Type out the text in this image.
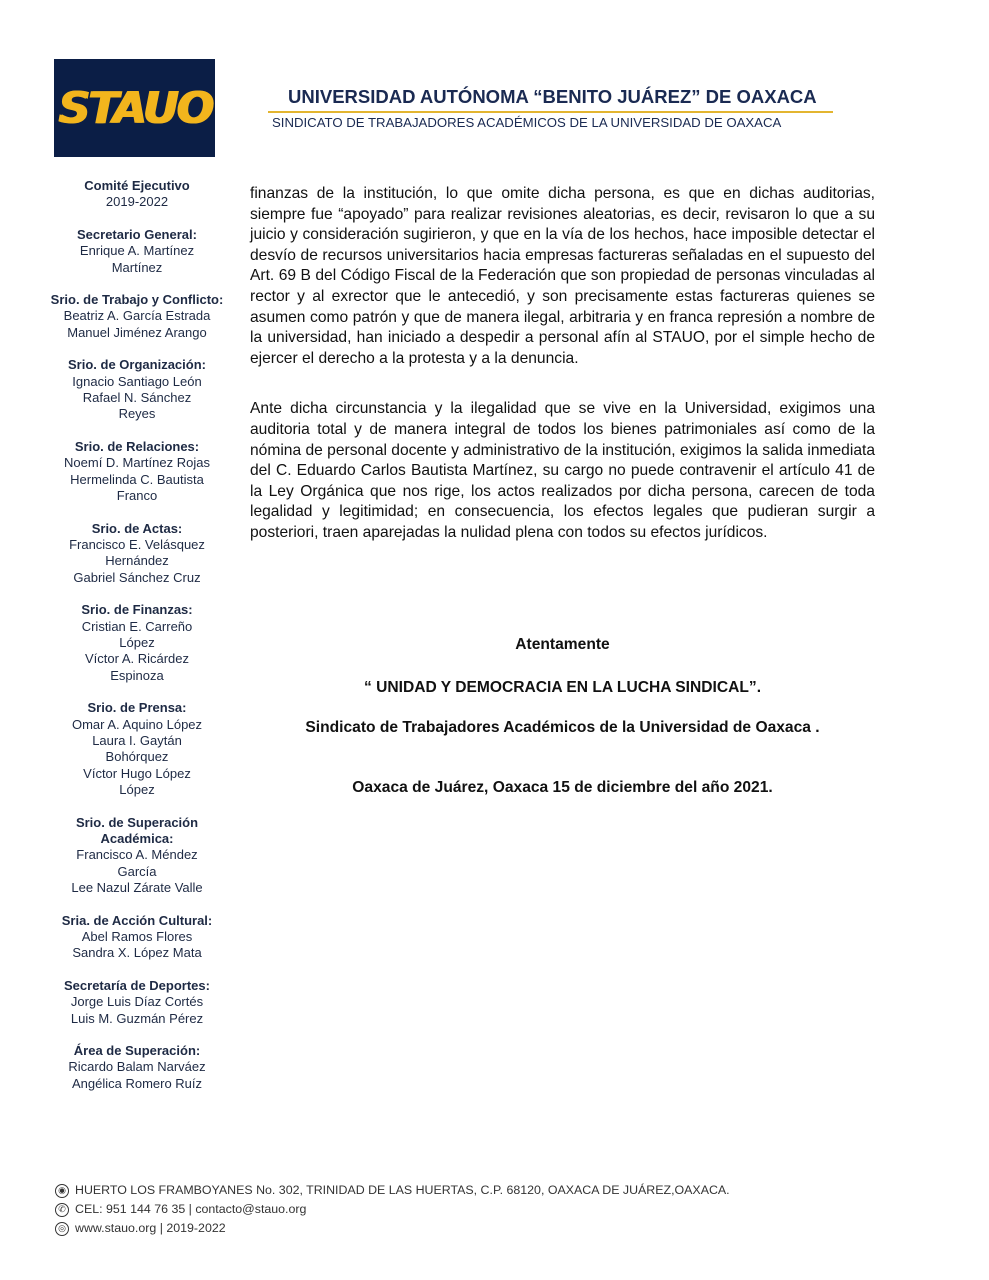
STAUO	UNIVERSIDAD AUTÓNOMA “BENITO JUÁREZ” DE OAXACA
SINDICATO DE TRABAJADORES ACADÉMICOS DE LA UNIVERSIDAD DE OAXACA
Comité Ejecutivo
2019-2022
Secretario General:
Enrique A. Martínez
Martínez
Srio. de Trabajo y Conflicto:
Beatriz A. García Estrada
Manuel Jiménez Arango
Srio. de Organización:
Ignacio Santiago León
Rafael N. Sánchez
Reyes
Srio. de Relaciones:
Noemí D. Martínez Rojas
Hermelinda C. Bautista
Franco
Srio. de Actas:
Francisco E. Velásquez
Hernández
Gabriel Sánchez Cruz
Srio. de Finanzas:
Cristian E. Carreño
López
Víctor A. Ricárdez
Espinoza
Srio. de Prensa:
Omar A. Aquino López
Laura I. Gaytán
Bohórquez
Víctor Hugo López
López
Srio. de Superación Académica:
Francisco A. Méndez
García
Lee Nazul Zárate Valle
Sria. de Acción Cultural:
Abel Ramos Flores
Sandra X. López Mata
Secretaría de Deportes:
Jorge Luis Díaz Cortés
Luis M. Guzmán Pérez
Área de Superación:
Ricardo Balam Narváez
Angélica Romero Ruíz

finanzas de la institución, lo que omite dicha persona, es que en dichas auditorias, siempre fue “apoyado” para realizar revisiones aleatorias, es decir, revisaron lo que a su juicio y consideración sugirieron, y que en la vía de los hechos, hace imposible detectar el desvío de recursos universitarios hacia empresas factureras señaladas en el supuesto del Art. 69 B del Código Fiscal de la Federación que son propiedad de personas vinculadas al rector y al exrector que le antecedió, y son precisamente estas factureras quienes se asumen como patrón y que de manera ilegal, arbitraria y en franca represión a nombre de la universidad, han iniciado a despedir a personal afín al STAUO, por el simple hecho de ejercer el derecho a la protesta y a la denuncia.

Ante dicha circunstancia y la ilegalidad que se vive en la Universidad, exigimos una auditoria total y de manera integral de todos los bienes patrimoniales así como de la nómina de personal docente y administrativo de la institución, exigimos la salida inmediata del C. Eduardo Carlos Bautista Martínez, su cargo no puede contravenir el artículo 41 de la Ley Orgánica que nos rige, los actos realizados por dicha persona, carecen de toda legalidad y legitimidad; en consecuencia, los efectos legales que pudieran surgir a posteriori, traen aparejadas la nulidad plena con todos su efectos jurídicos.

Atentamente
“ UNIDAD Y DEMOCRACIA EN LA LUCHA SINDICAL”.
Sindicato de Trabajadores Académicos de la Universidad de Oaxaca .
Oaxaca de Juárez, Oaxaca 15 de diciembre del año 2021.
◉ HUERTO LOS FRAMBOYANES No. 302, TRINIDAD DE LAS HUERTAS, C.P. 68120, OAXACA DE JUÁREZ,OAXACA.
✆ CEL: 951 144 76 35 | contacto@stauo.org
◎ www.stauo.org | 2019-2022
